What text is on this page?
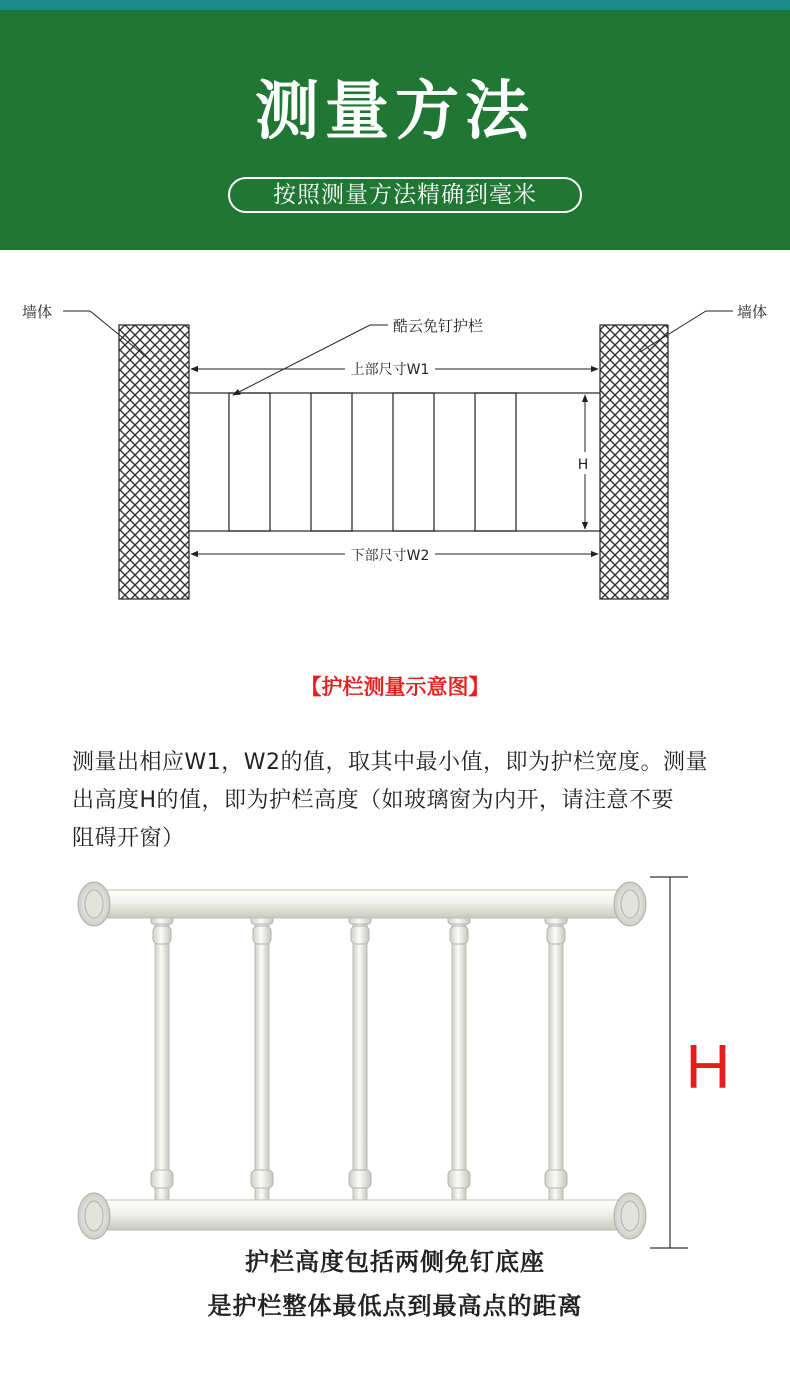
测量方法
按照测量方法精确到毫米
墙体	墙体
酷云免钉护栏
上部尺寸W1
下部尺寸W2
H
【护栏测量示意图】
测量出相应W1，W2的值，取其中最小值，即为护栏宽度。测量
出高度H的值，即为护栏高度（如玻璃窗为内开，请注意不要
阻碍开窗）
H
护栏高度包括两侧免钉底座
是护栏整体最低点到最高点的距离
